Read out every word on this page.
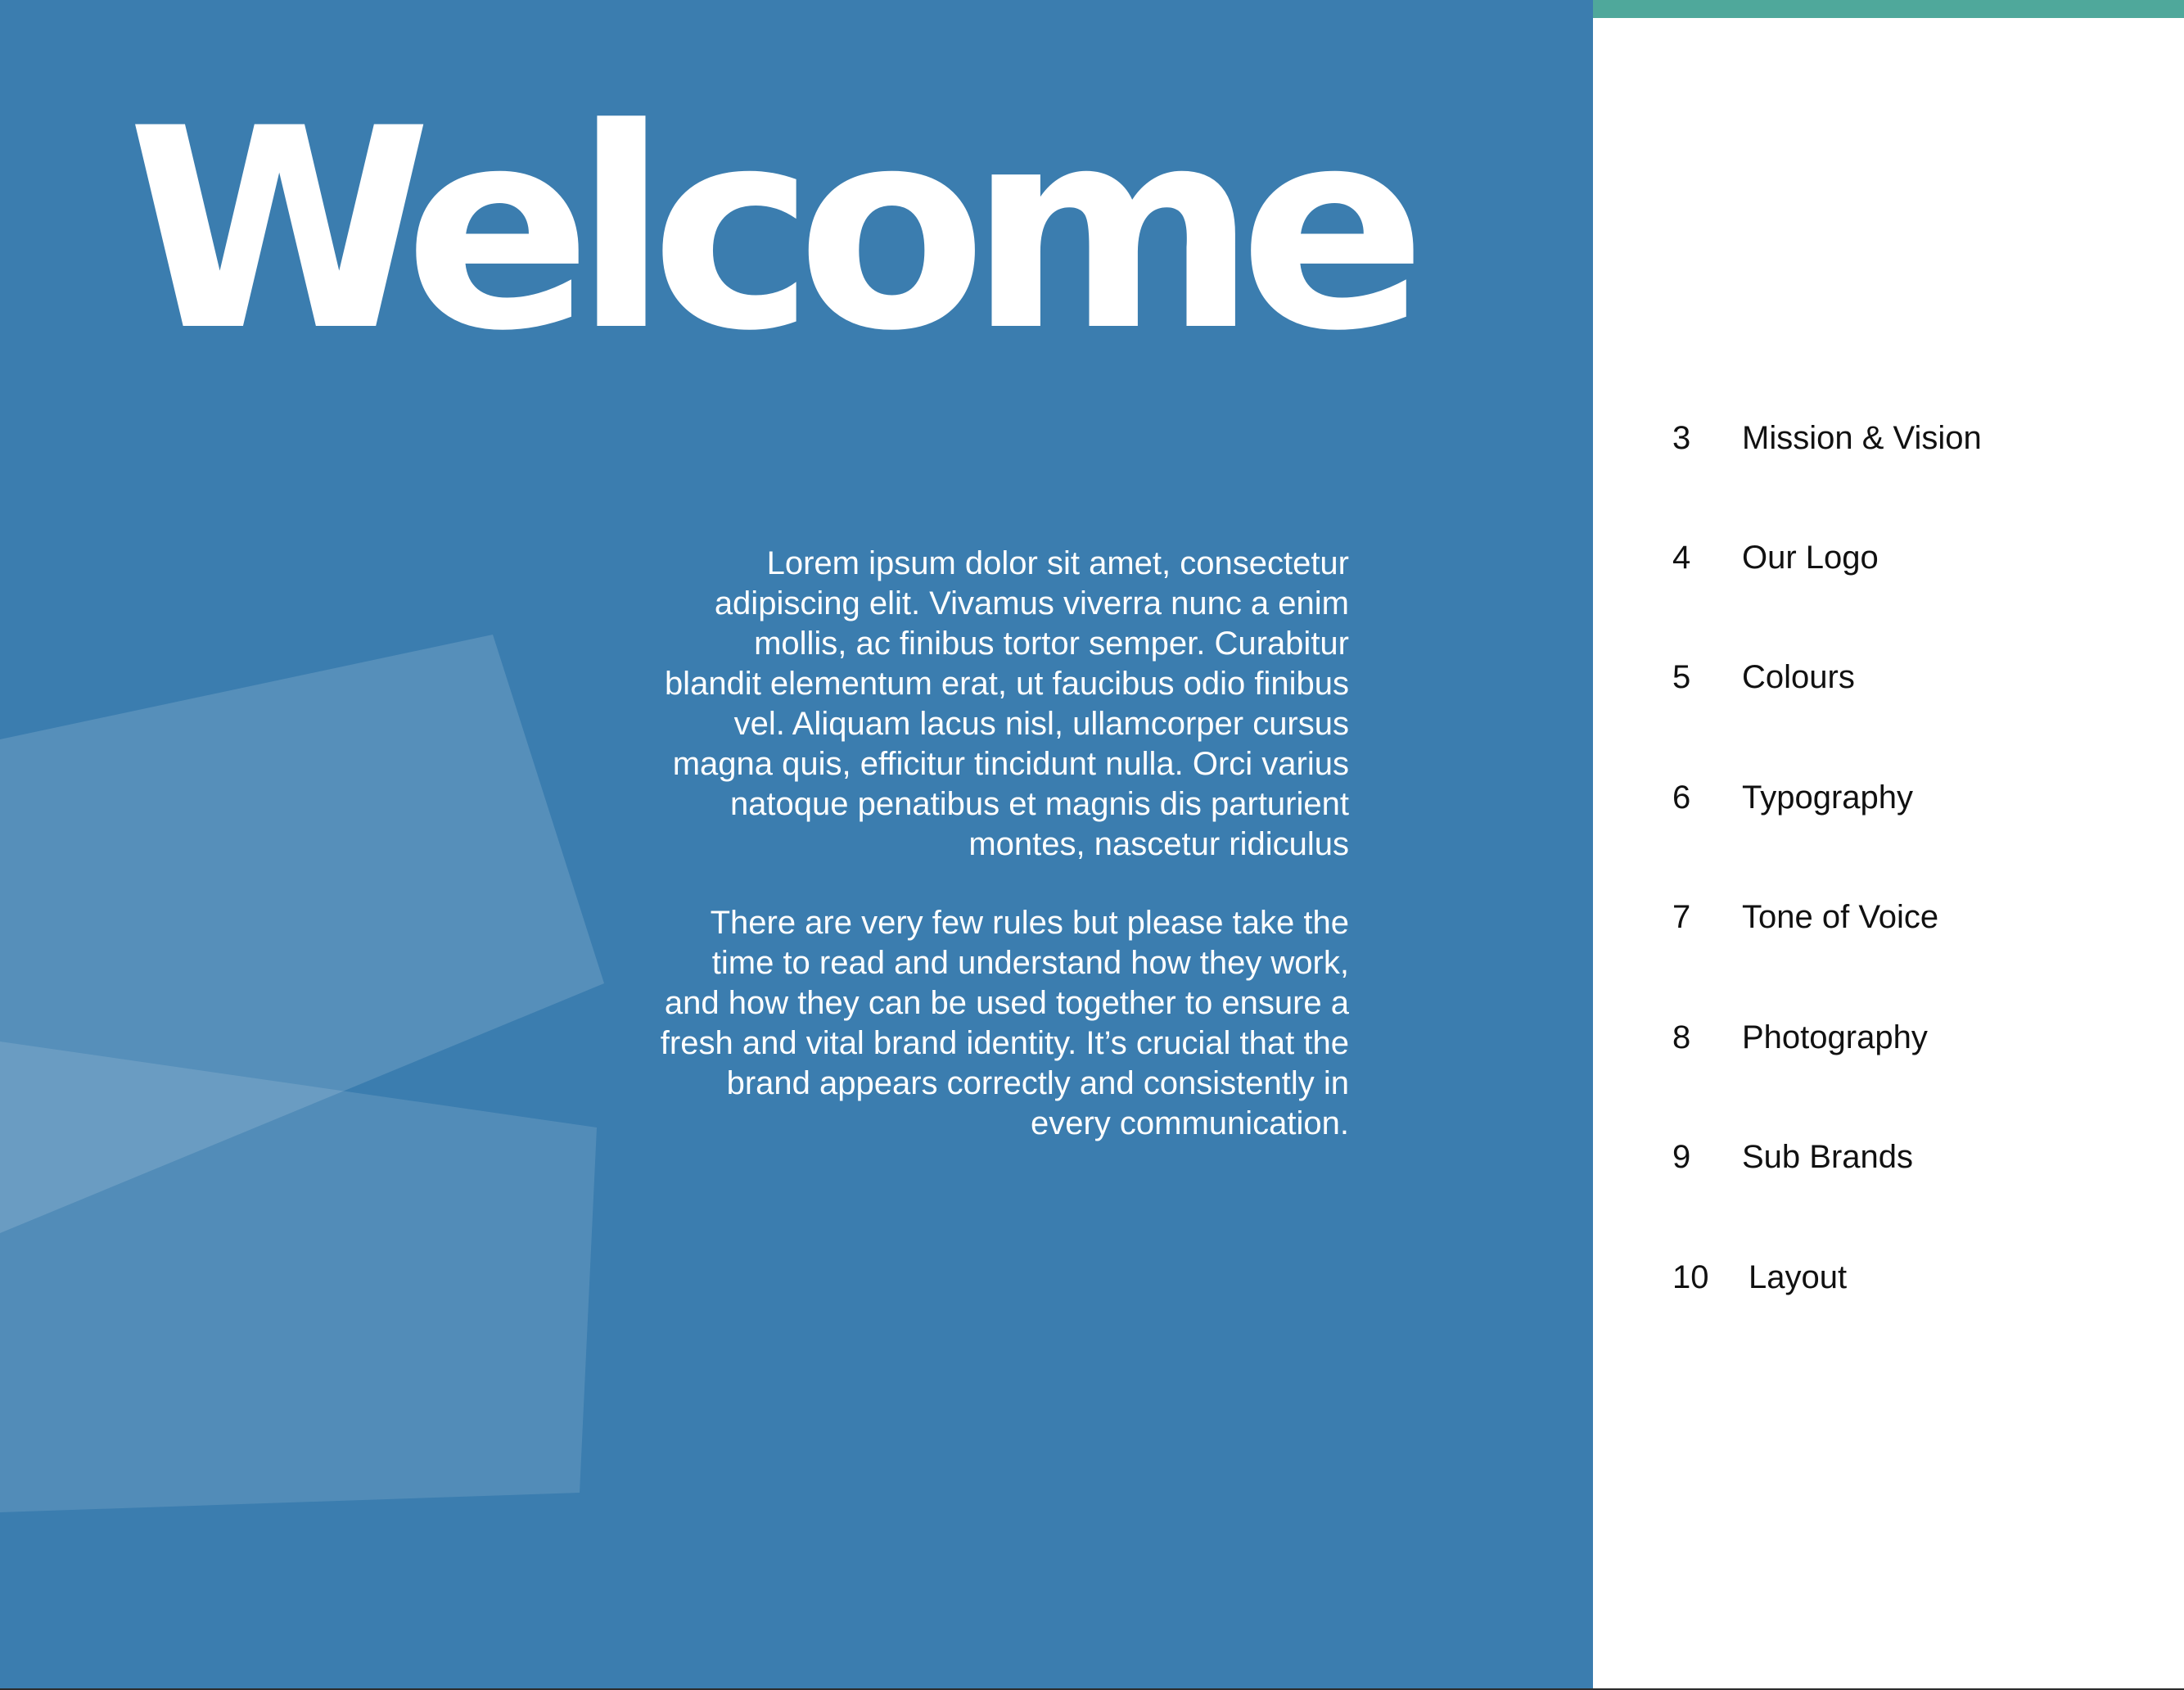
Welcome

Lorem ipsum dolor sit amet, consectetur adipiscing elit. Vivamus viverra nunc a enim mollis, ac finibus tortor semper. Curabitur blandit elementum erat, ut faucibus odio finibus vel. Aliquam lacus nisl, ullamcorper cursus magna quis, efficitur tincidunt nulla. Orci varius natoque penatibus et magnis dis parturient montes, nascetur ridiculus

There are very few rules but please take the time to read and understand how they work, and how they can be used together to ensure a fresh and vital brand identity. It’s crucial that the brand appears correctly and consistently in every communication.

3 Mission & Vision
4 Our Logo
5 Colours
6 Typography
7 Tone of Voice
8 Photography
9 Sub Brands
10 Layout
